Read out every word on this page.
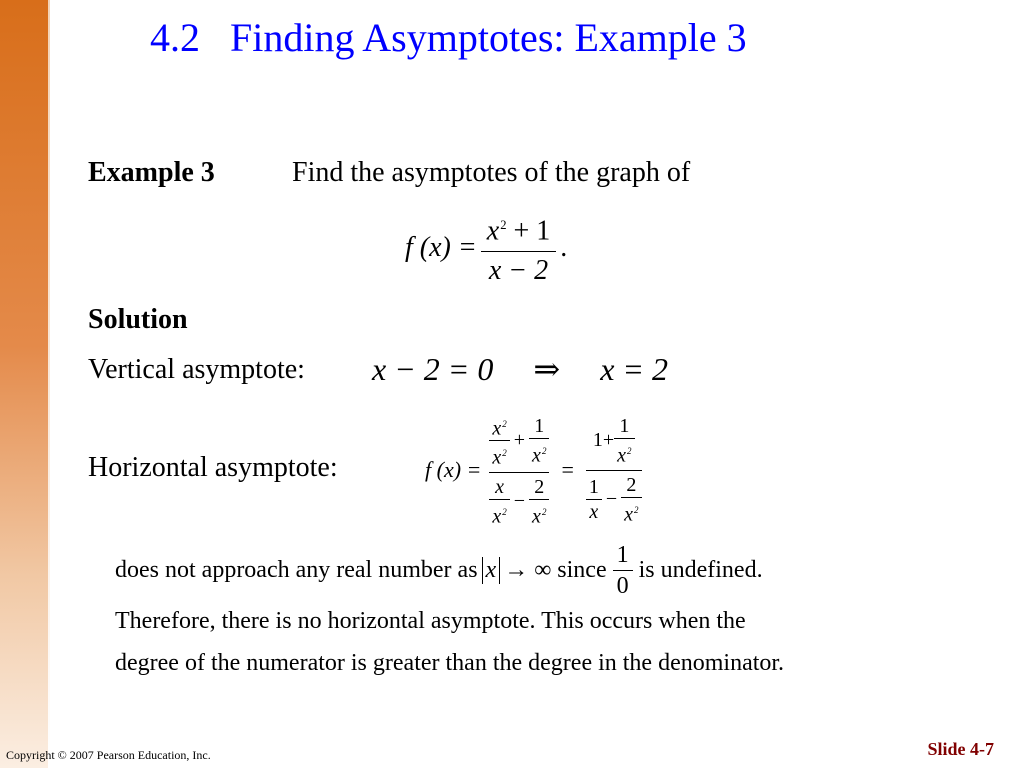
4.2 Finding Asymptotes: Example 3
Example 3	Find the asymptotes of the graph of
f $(x) = \frac{x^2 + 1}{x - 2}$ .
Solution
Vertical asymptote: x − 2 = 0 ⇒ x = 2
Horizontal asymptote:	f $(x) = \frac{\frac{x^2}{x^2} + \frac{1}{x^2}}{\frac{x}{x^2} - \frac{2}{x^2}} = \frac{1+ \frac{1}{x^2}}{\frac{1}{x} - \frac{2}{x^2}}$
does not approach any real number as x → ∞ since $\frac{1}{0}$ is undefined.
Therefore, there is no horizontal asymptote. This occurs when the
degree of the numerator is greater than the degree in the denominator.
Copyright © 2007 Pearson Education, Inc.	Slide 4-7
